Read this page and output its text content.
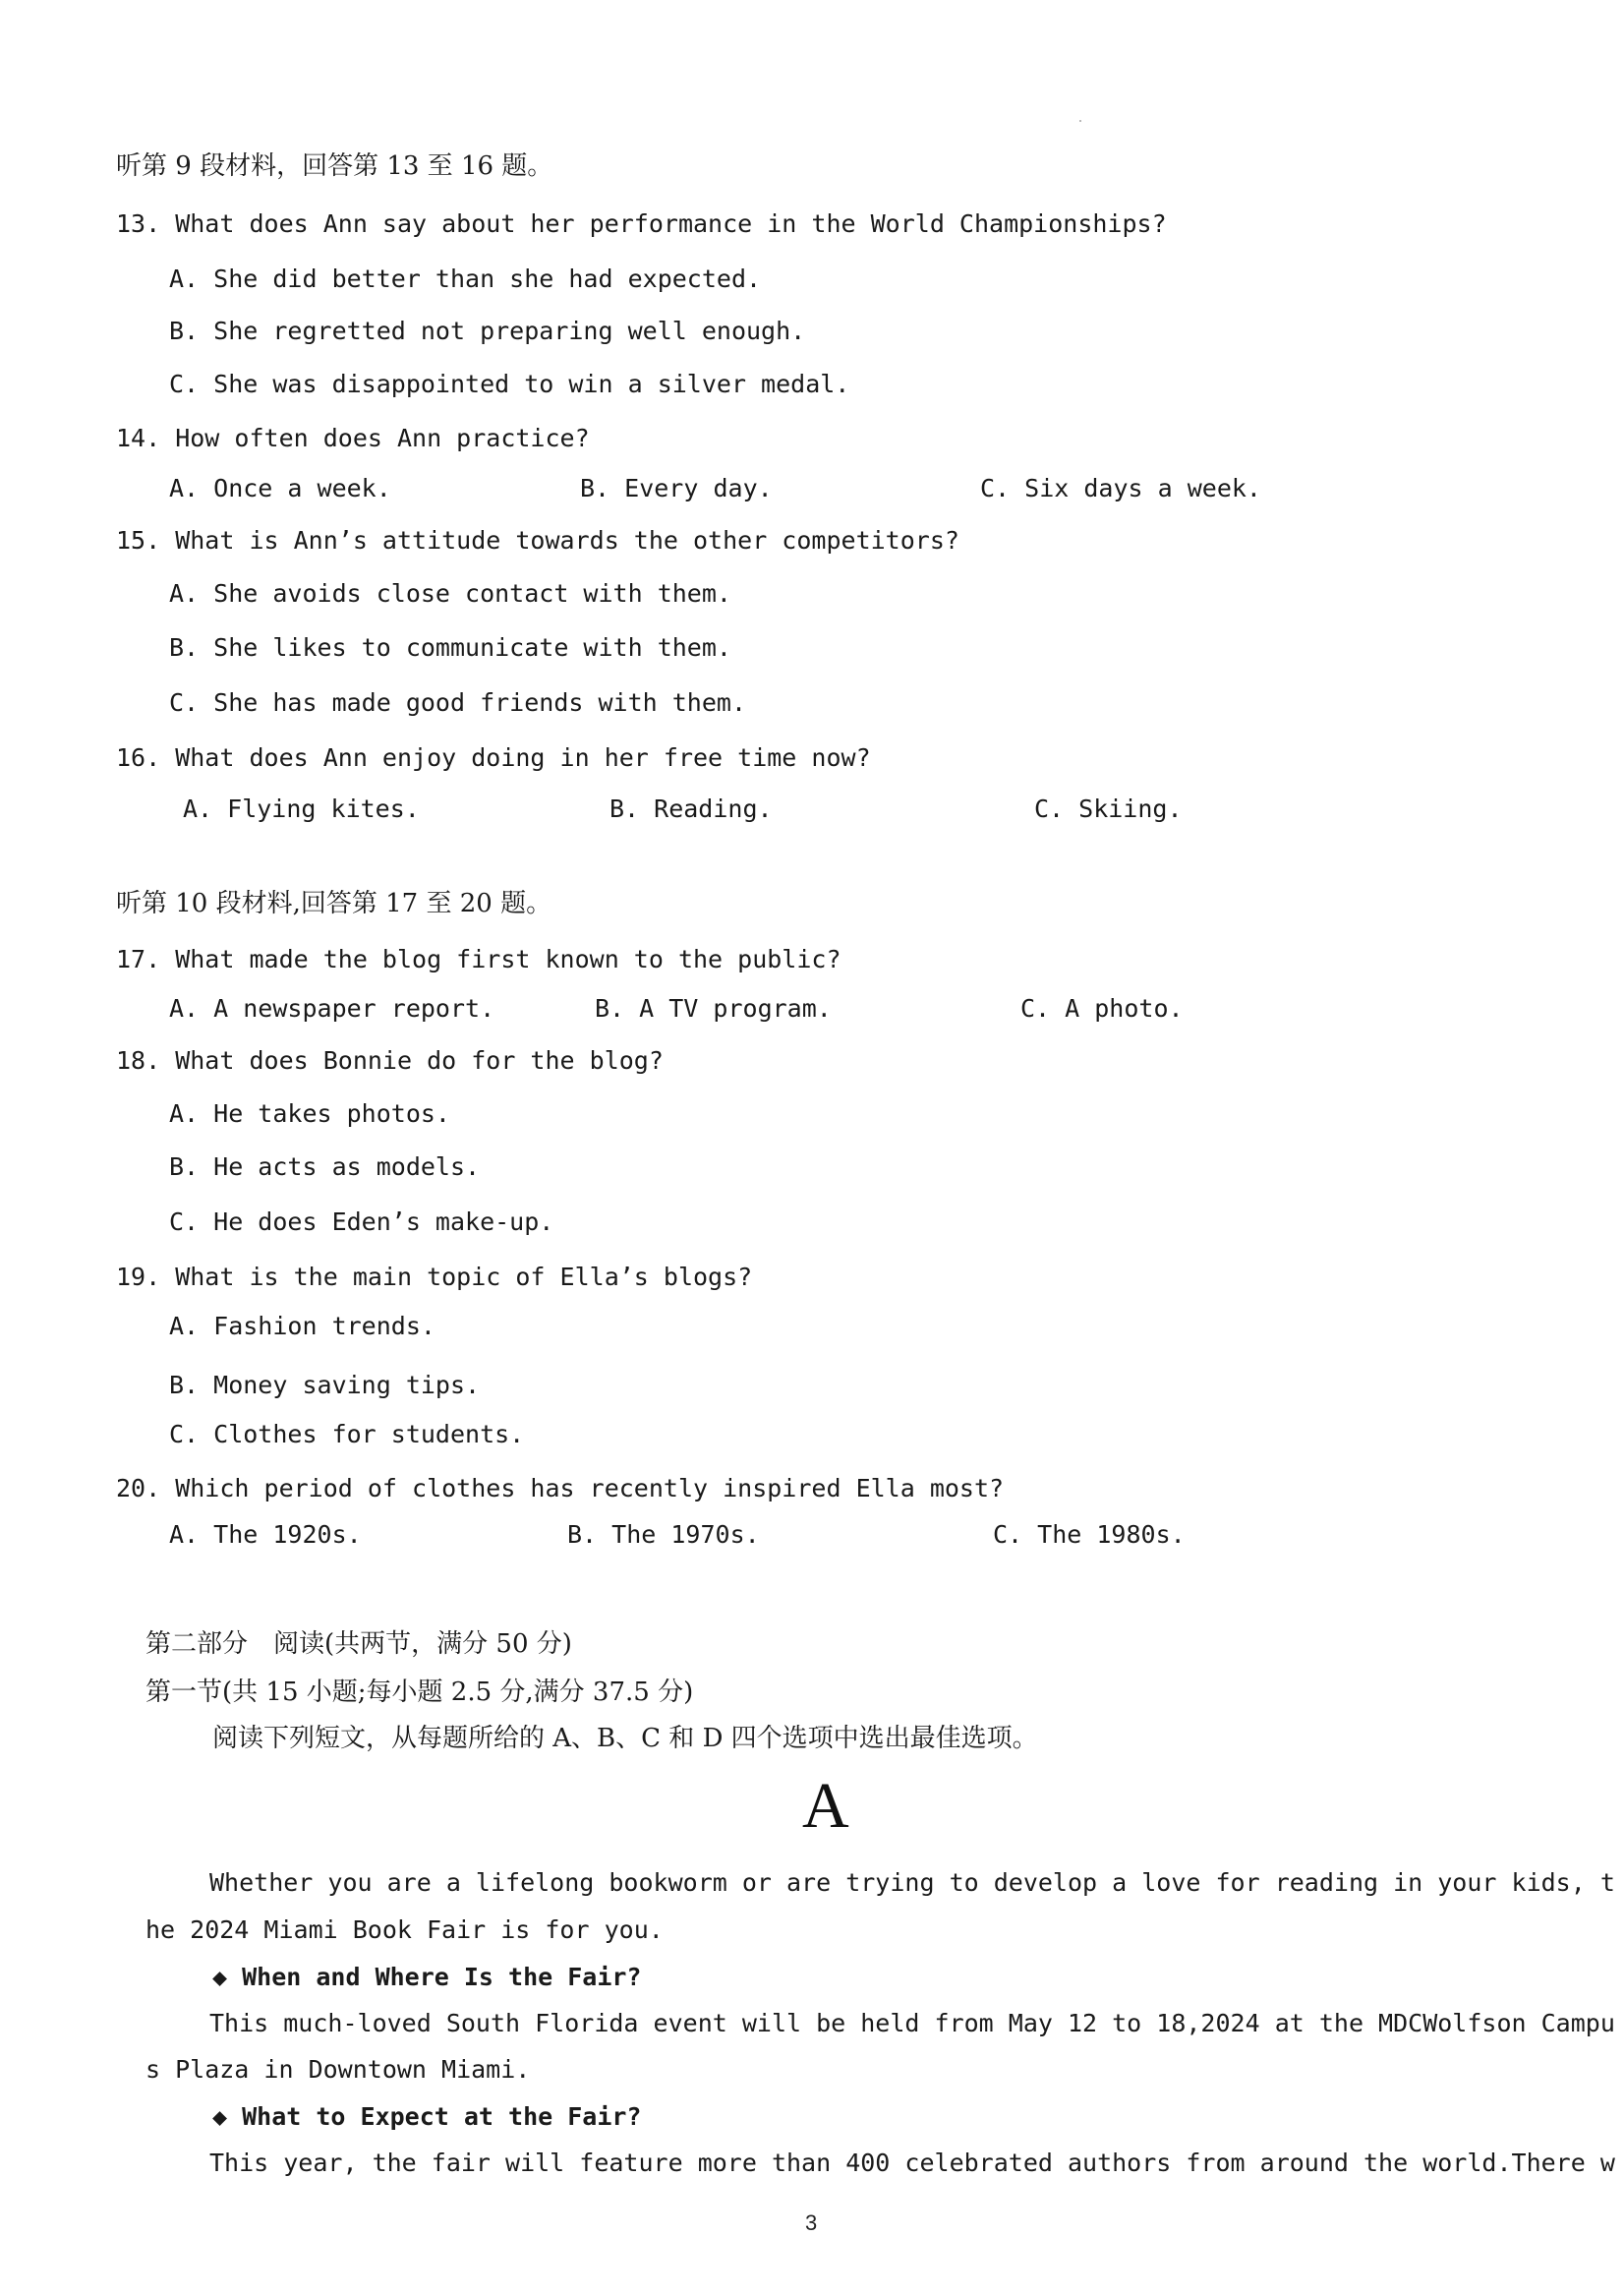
听第 9 段材料，回答第 13 至 16 题。
13. What does Ann say about her performance in the World Championships?
A. She did better than she had expected.
B. She regretted not preparing well enough.
C. She was disappointed to win a silver medal.
14. How often does Ann practice?
A. Once a week.	B. Every day.	C. Six days a week.
15. What is Ann’s attitude towards the other competitors?
A. She avoids close contact with them.
B. She likes to communicate with them.
C. She has made good friends with them.
16. What does Ann enjoy doing in her free time now?
A. Flying kites.	B. Reading.	C. Skiing.
听第 10 段材料,回答第 17 至 20 题。
17. What made the blog first known to the public?
A. A newspaper report.	B. A TV program.	C. A photo.
18. What does Bonnie do for the blog?
A. He takes photos.
B. He acts as models.
C. He does Eden’s make-up.
19. What is the main topic of Ella’s blogs?
A. Fashion trends.
B. Money saving tips.
C. Clothes for students.
20. Which period of clothes has recently inspired Ella most?
A. The 1920s.	B. The 1970s.	C. The 1980s.
第二部分　阅读(共两节，满分 50 分)
第一节(共 15 小题;每小题 2.5 分,满分 37.5 分)
阅读下列短文，从每题所给的 A、B、C 和 D 四个选项中选出最佳选项。
A
Whether you are a lifelong bookworm or are trying to develop a love for reading in your kids, t
he 2024 Miami Book Fair is for you.
◆ When and Where Is the Fair?
This much-loved South Florida event will be held from May 12 to 18,2024 at the MDCWolfson Campu
s Plaza in Downtown Miami.
◆ What to Expect at the Fair?
This year, the fair will feature more than 400 celebrated authors from around the world.There w
3
